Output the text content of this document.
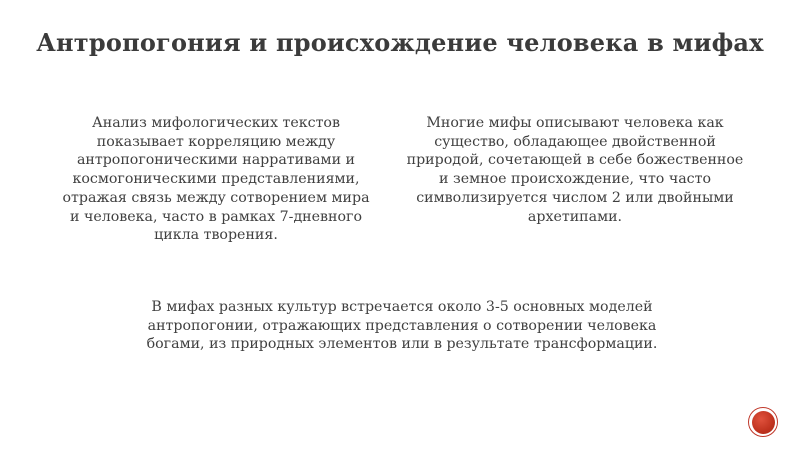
Антропогония и происхождение человека в мифах
Анализ мифологических текстов показывает корреляцию между антропогоническими нарративами и космогоническими представлениями, отражая связь между сотворением мира и человека, часто в рамках 7-дневного цикла творения.
Многие мифы описывают человека как существо, обладающее двойственной природой, сочетающей в себе божественное и земное происхождение, что часто символизируется числом 2 или двойными архетипами.
В мифах разных культур встречается около 3-5 основных моделей антропогонии, отражающих представления о сотворении человека богами, из природных элементов или в результате трансформации.
